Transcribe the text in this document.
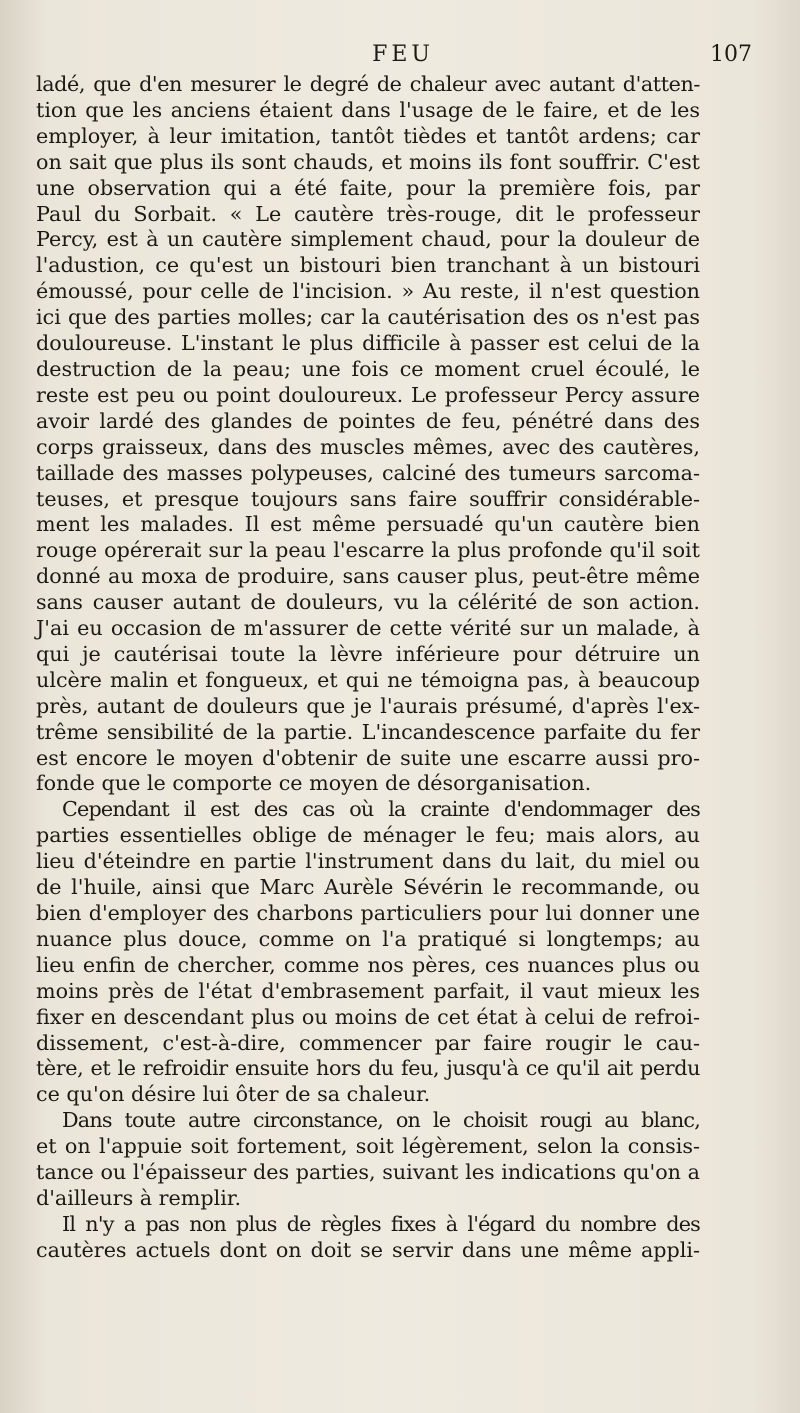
FEU	107
ladé, que d'en mesurer le degré de chaleur avec autant d'atten-
tion que les anciens étaient dans l'usage de le faire, et de les
employer, à leur imitation, tantôt tièdes et tantôt ardens; car
on sait que plus ils sont chauds, et moins ils font souffrir. C'est
une observation qui a été faite, pour la première fois, par
Paul du Sorbait. « Le cautère très-rouge, dit le professeur
Percy, est à un cautère simplement chaud, pour la douleur de
l'adustion, ce qu'est un bistouri bien tranchant à un bistouri
émoussé, pour celle de l'incision. » Au reste, il n'est question
ici que des parties molles; car la cautérisation des os n'est pas
douloureuse. L'instant le plus difficile à passer est celui de la
destruction de la peau; une fois ce moment cruel écoulé, le
reste est peu ou point douloureux. Le professeur Percy assure
avoir lardé des glandes de pointes de feu, pénétré dans des
corps graisseux, dans des muscles mêmes, avec des cautères,
taillade des masses polypeuses, calciné des tumeurs sarcoma-
teuses, et presque toujours sans faire souffrir considérable-
ment les malades. Il est même persuadé qu'un cautère bien
rouge opérerait sur la peau l'escarre la plus profonde qu'il soit
donné au moxa de produire, sans causer plus, peut-être même
sans causer autant de douleurs, vu la célérité de son action.
J'ai eu occasion de m'assurer de cette vérité sur un malade, à
qui je cautérisai toute la lèvre inférieure pour détruire un
ulcère malin et fongueux, et qui ne témoigna pas, à beaucoup
près, autant de douleurs que je l'aurais présumé, d'après l'ex-
trême sensibilité de la partie. L'incandescence parfaite du fer
est encore le moyen d'obtenir de suite une escarre aussi pro-
fonde que le comporte ce moyen de désorganisation.
Cependant il est des cas où la crainte d'endommager des
parties essentielles oblige de ménager le feu; mais alors, au
lieu d'éteindre en partie l'instrument dans du lait, du miel ou
de l'huile, ainsi que Marc Aurèle Sévérin le recommande, ou
bien d'employer des charbons particuliers pour lui donner une
nuance plus douce, comme on l'a pratiqué si longtemps; au
lieu enfin de chercher, comme nos pères, ces nuances plus ou
moins près de l'état d'embrasement parfait, il vaut mieux les
fixer en descendant plus ou moins de cet état à celui de refroi-
dissement, c'est-à-dire, commencer par faire rougir le cau-
tère, et le refroidir ensuite hors du feu, jusqu'à ce qu'il ait perdu
ce qu'on désire lui ôter de sa chaleur.
Dans toute autre circonstance, on le choisit rougi au blanc,
et on l'appuie soit fortement, soit légèrement, selon la consis-
tance ou l'épaisseur des parties, suivant les indications qu'on a
d'ailleurs à remplir.
Il n'y a pas non plus de règles fixes à l'égard du nombre des
cautères actuels dont on doit se servir dans une même appli-
